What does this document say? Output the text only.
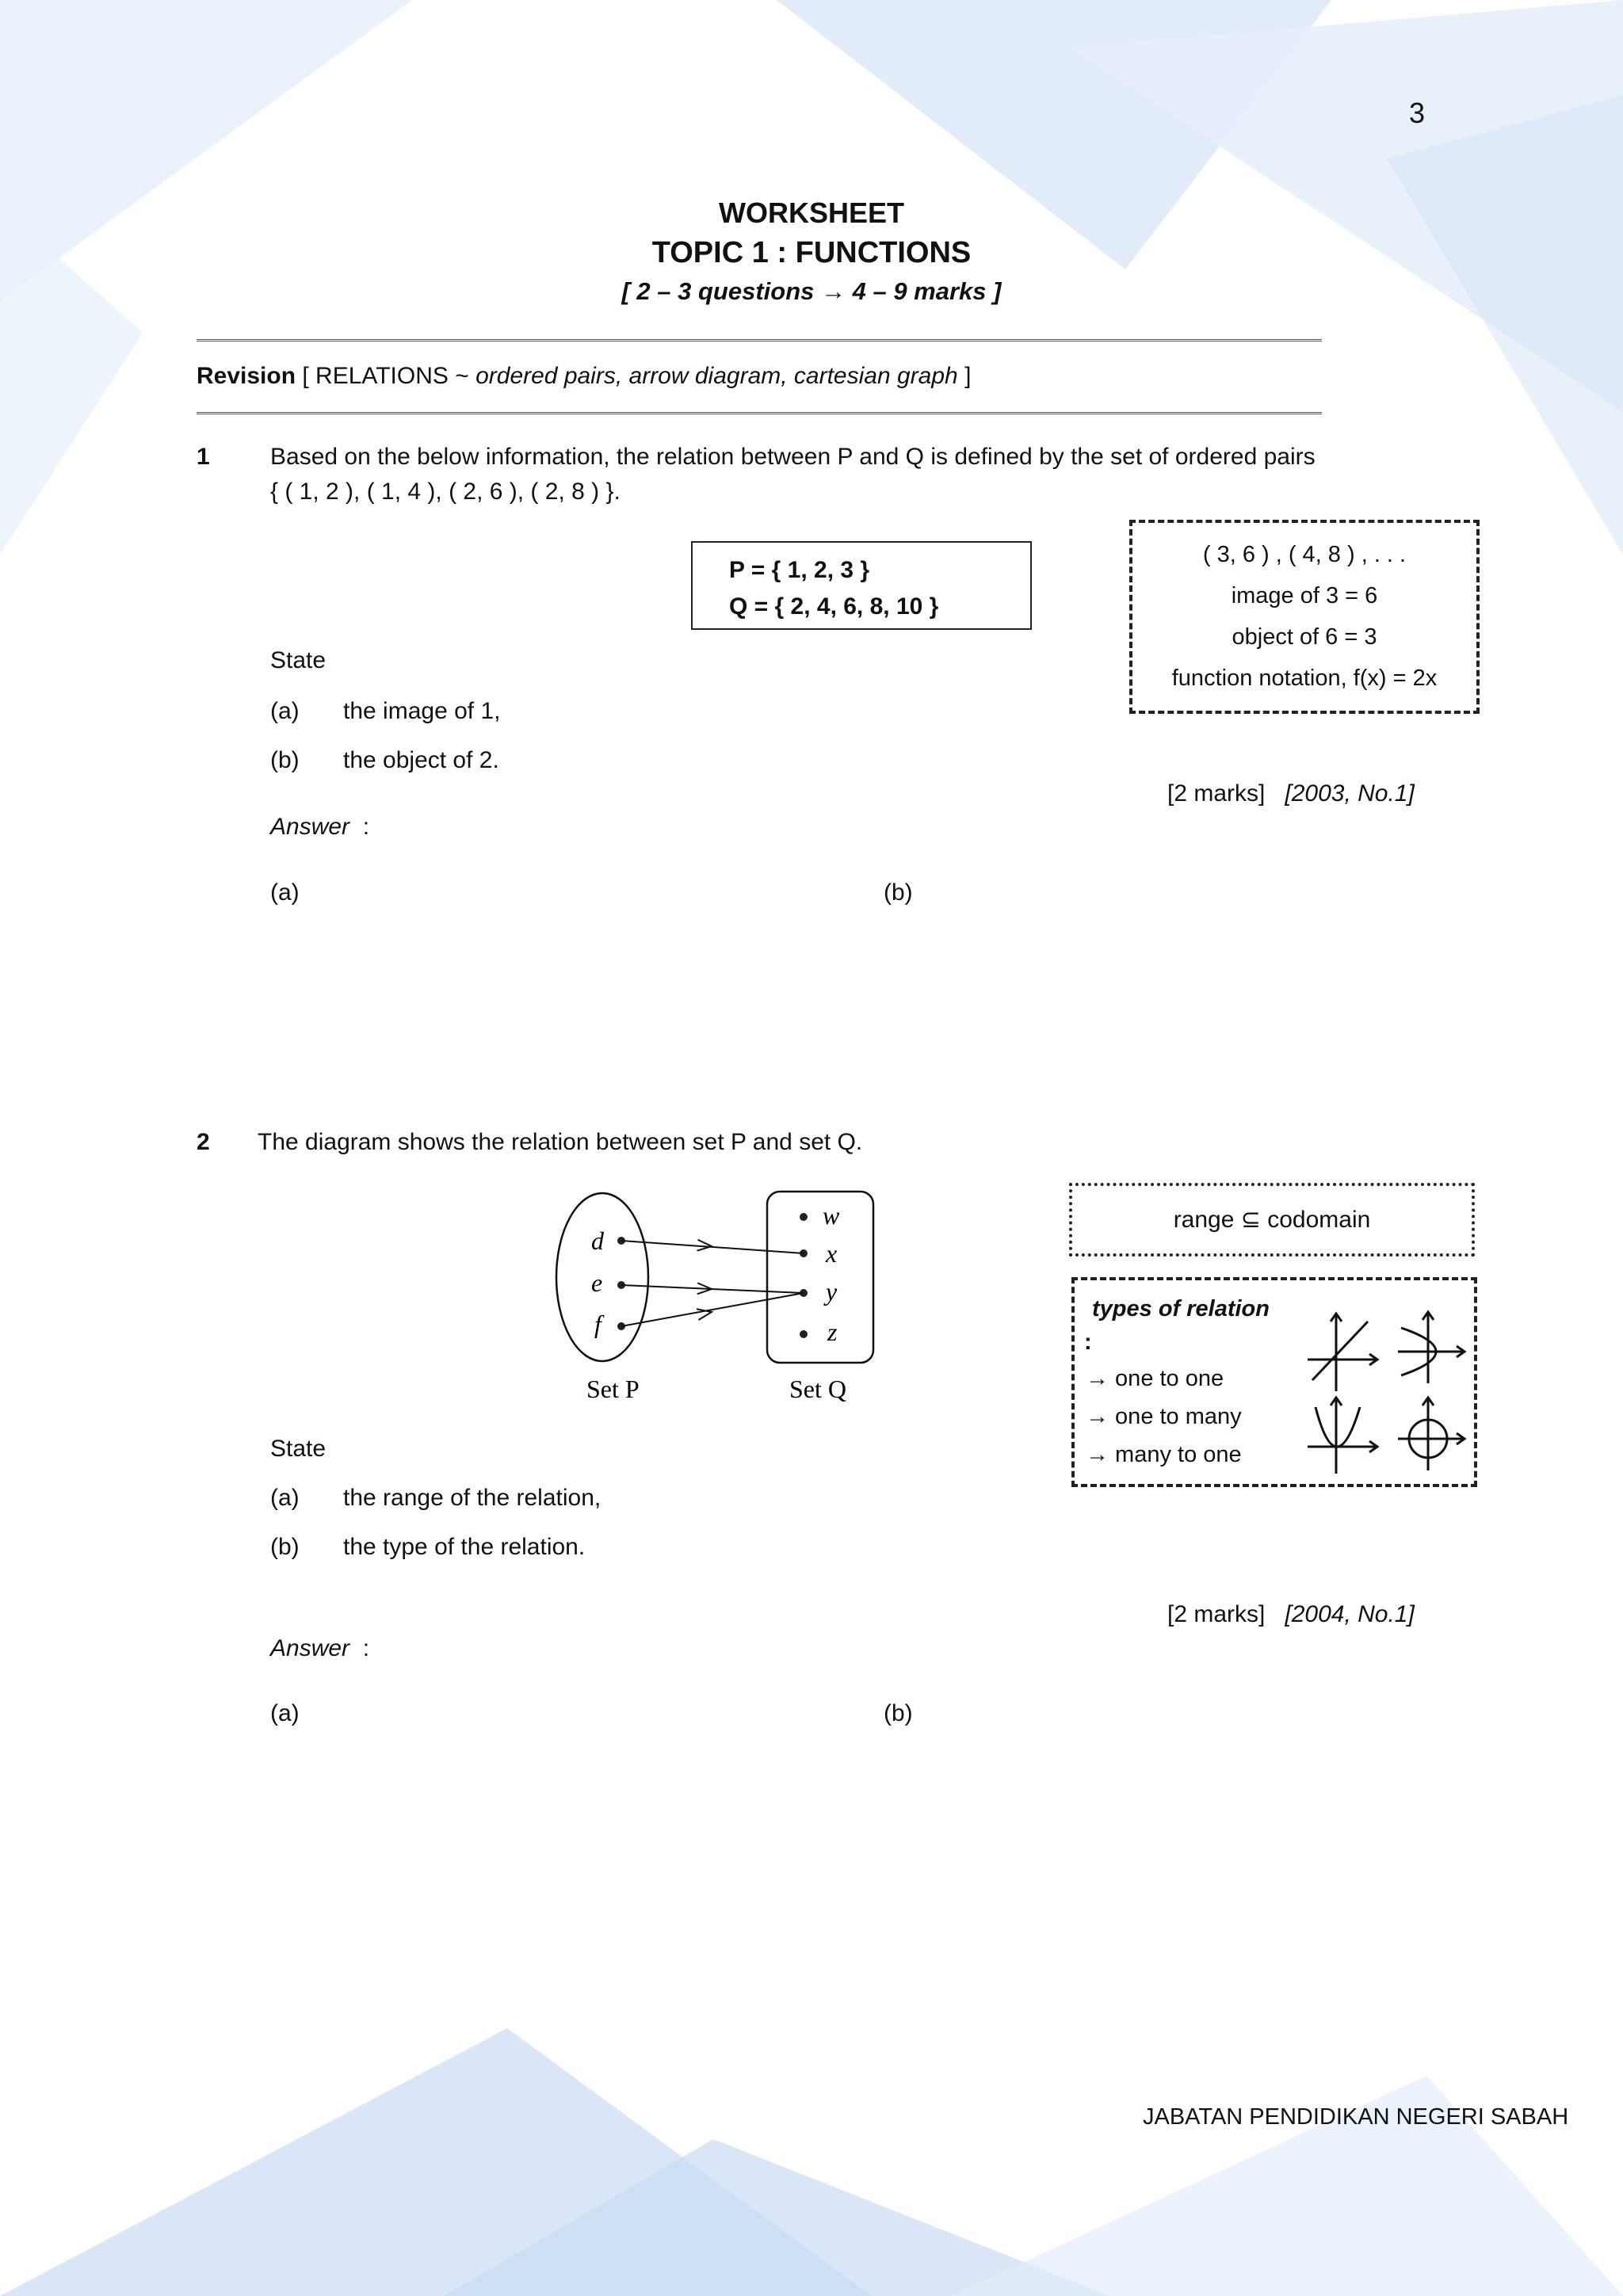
3
WORKSHEET
TOPIC 1 : FUNCTIONS
[ 2 – 3 questions → 4 – 9 marks ]
Revision [ RELATIONS ~ ordered pairs, arrow diagram, cartesian graph ]
1	Based on the below information, the relation between P and Q is defined by the set of ordered pairs
{ ( 1, 2 ), ( 1, 4 ), ( 2, 6 ), ( 2, 8 ) }.
P = { 1, 2, 3 }
Q = { 2, 4, 6, 8, 10 }
( 3, 6 ) , ( 4, 8 ) , . . .
image of 3 = 6
object of 6 = 3
function notation, f(x) = 2x
State
(a) the image of 1,
(b) the object of 2.
[2 marks] [2003, No.1]
Answer :
(a)	(b)
2 The diagram shows the relation between set P and set Q.
d
e
f
w
x
y
z
Set P	Set Q
range ⊆ codomain
types of relation
:
→ one to one
→ one to many
→ many to one
State
(a) the range of the relation,
(b) the type of the relation.
[2 marks] [2004, No.1]
Answer :
(a)	(b)
JABATAN PENDIDIKAN NEGERI SABAH
